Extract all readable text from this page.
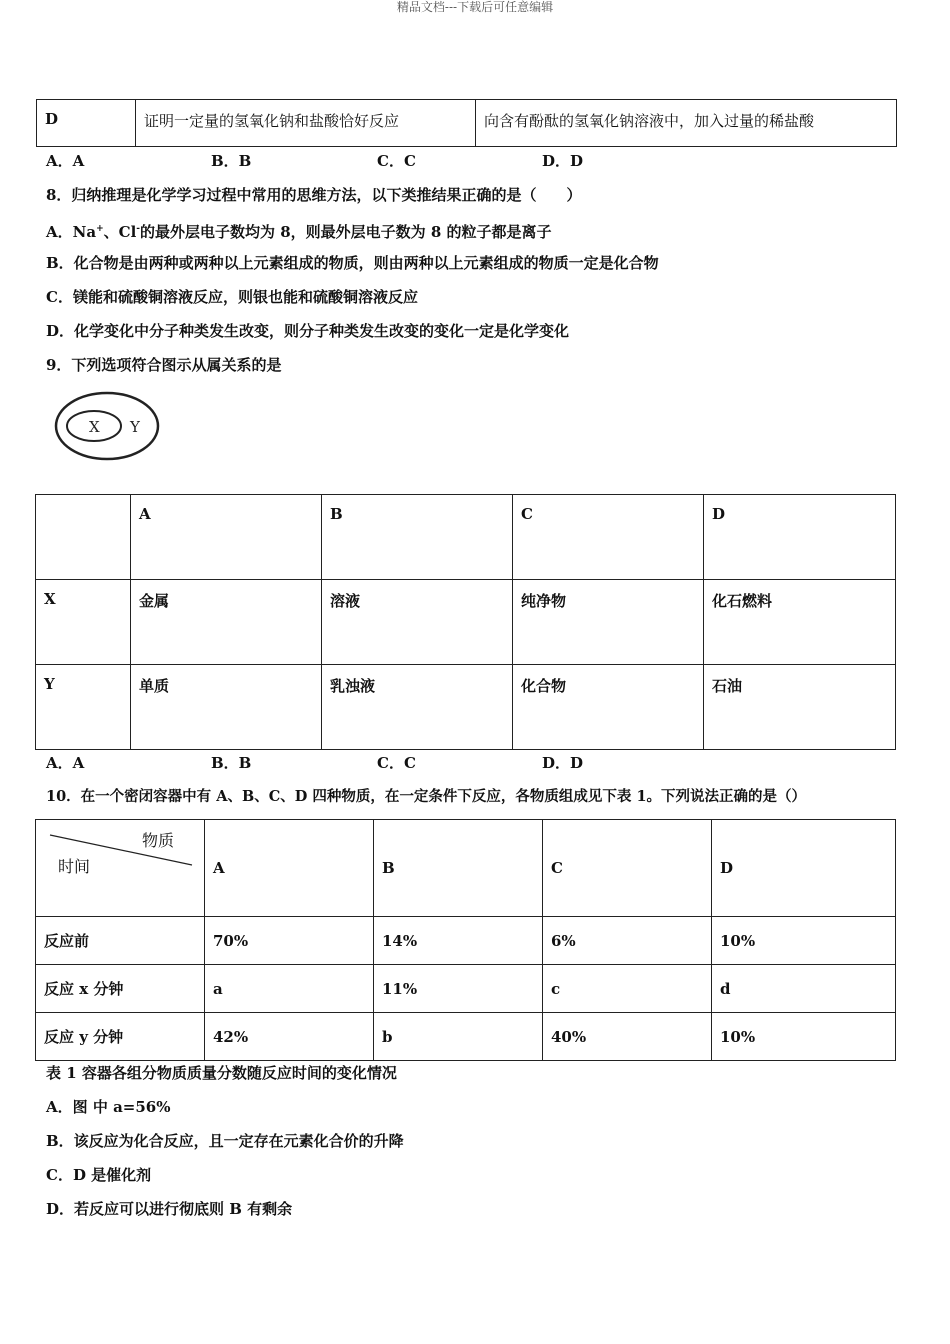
精品文档---下载后可任意编辑
D	证明一定量的氢氧化钠和盐酸恰好反应	向含有酚酞的氢氧化钠溶液中，加入过量的稀盐酸
A．A	B．B	C．C	D．D
8．归纳推理是化学学习过程中常用的思维方法，以下类推结果正确的是（　　）
A．Na+、Cl-的最外层电子数均为 8，则最外层电子数为 8 的粒子都是离子
B．化合物是由两种或两种以上元素组成的物质，则由两种以上元素组成的物质一定是化合物
C．镁能和硫酸铜溶液反应，则银也能和硫酸铜溶液反应
D．化学变化中分子种类发生改变，则分子种类发生改变的变化一定是化学变化
9．下列选项符合图示从属关系的是
X Y
	A	B	C	D
X	金属	溶液	纯净物	化石燃料
Y	单质	乳浊液	化合物	石油
A．A	B．B	C．C	D．D
10．在一个密闭容器中有 A、B、C、D 四种物质，在一定条件下反应，各物质组成见下表 1。下列说法正确的是（）
物质
时间	A	B	C	D
反应前	70%	14%	6%	10%
反应 x 分钟	a	11%	c	d
反应 y 分钟	42%	b	40%	10%
表 1 容器各组分物质质量分数随反应时间的变化情况
A．图 中 a=56%
B．该反应为化合反应，且一定存在元素化合价的升降
C．D 是催化剂
D．若反应可以进行彻底则 B 有剩余
